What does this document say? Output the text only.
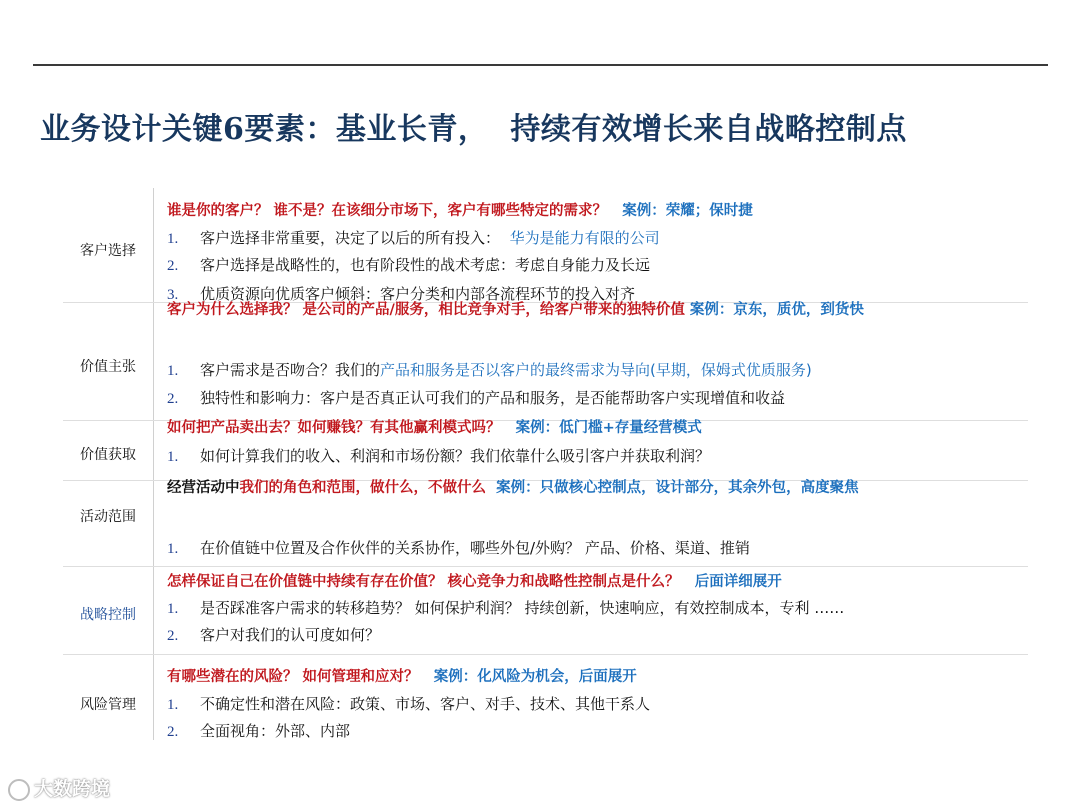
业务设计关键6要素：基业长青， 持续有效增长来自战略控制点
客户选择
谁是你的客户？ 谁不是？在该细分市场下，客户有哪些特定的需求？ 案例：荣耀；保时捷
1. 客户选择非常重要，决定了以后的所有投入： 华为是能力有限的公司
2. 客户选择是战略性的，也有阶段性的战术考虑：考虑自身能力及长远
3. 优质资源向优质客户倾斜：客户分类和内部各流程环节的投入对齐
价值主张
客户为什么选择我？ 是公司的产品/服务，相比竞争对手，给客户带来的独特价值 案例：京东，质优，到货快
1. 客户需求是否吻合？我们的产品和服务是否以客户的最终需求为导向(早期，保姆式优质服务)
2. 独特性和影响力：客户是否真正认可我们的产品和服务，是否能帮助客户实现增值和收益
价值获取
如何把产品卖出去？如何赚钱？有其他赢利模式吗？ 案例：低门槛+存量经营模式
1. 如何计算我们的收入、利润和市场份额？我们依靠什么吸引客户并获取利润？
活动范围
经营活动中我们的角色和范围，做什么，不做什么 案例：只做核心控制点，设计部分，其余外包，高度聚焦
1. 在价值链中位置及合作伙伴的关系协作，哪些外包/外购？ 产品、价格、渠道、推销
战略控制
怎样保证自己在价值链中持续有存在价值？ 核心竞争力和战略性控制点是什么？ 后面详细展开
1. 是否踩准客户需求的转移趋势？ 如何保护利润？ 持续创新，快速响应，有效控制成本，专利 ……
2. 客户对我们的认可度如何？
风险管理
有哪些潜在的风险？ 如何管理和应对？ 案例：化风险为机会，后面展开
1. 不确定性和潜在风险：政策、市场、客户、对手、技术、其他干系人
2. 全面视角：外部、内部
大数跨境
